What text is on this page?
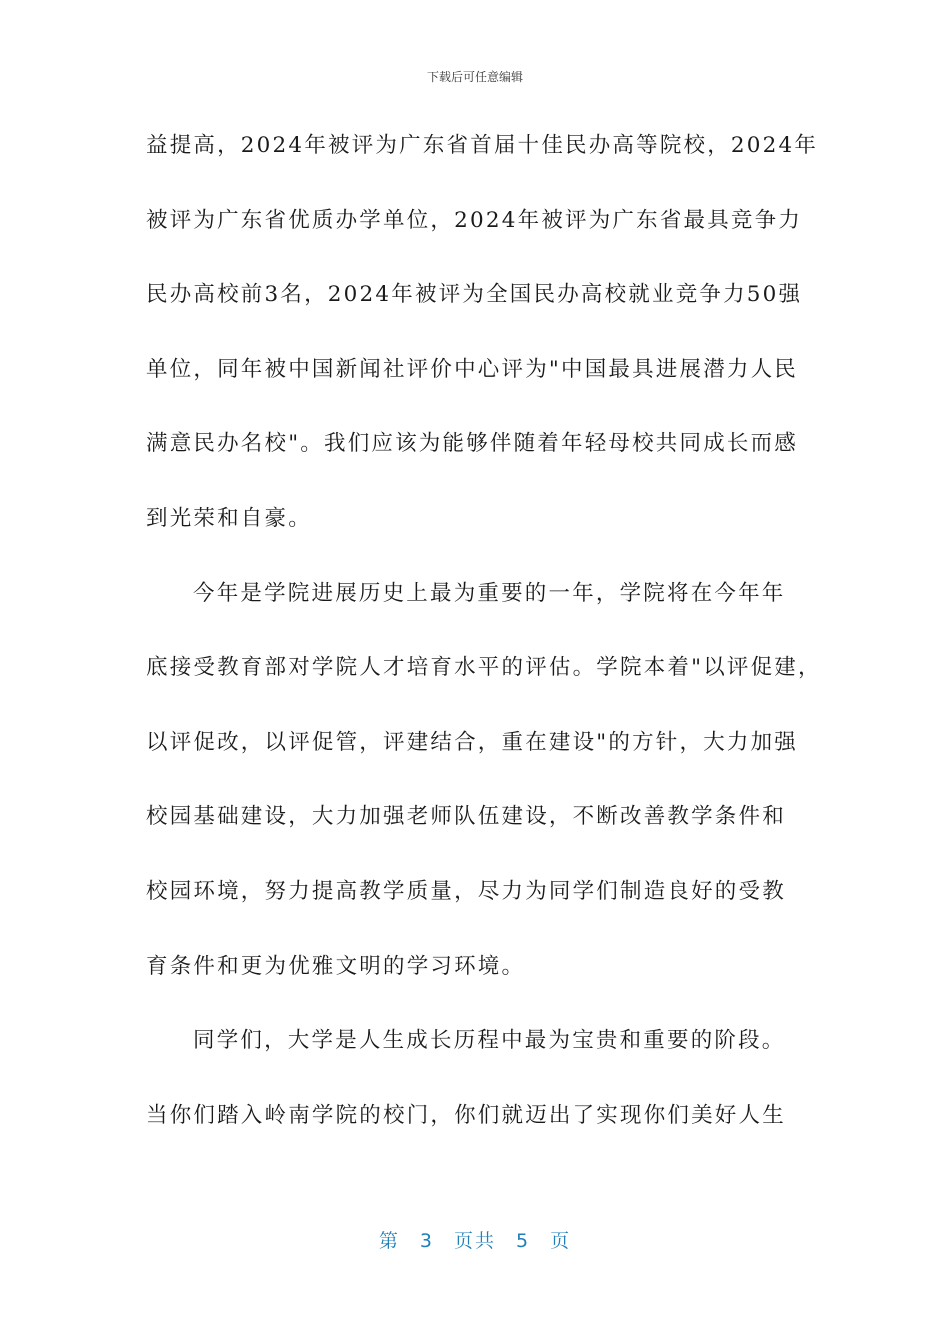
下载后可任意编辑
益提高，2024年被评为广东省首届十佳民办高等院校，2024年
被评为广东省优质办学单位，2024年被评为广东省最具竞争力
民办高校前3名，2024年被评为全国民办高校就业竞争力50强
单位，同年被中国新闻社评价中心评为"中国最具进展潜力人民
满意民办名校"。我们应该为能够伴随着年轻母校共同成长而感
到光荣和自豪。
今年是学院进展历史上最为重要的一年，学院将在今年年
底接受教育部对学院人才培育水平的评估。学院本着"以评促建，
以评促改，以评促管，评建结合，重在建设"的方针，大力加强
校园基础建设，大力加强老师队伍建设，不断改善教学条件和
校园环境，努力提高教学质量，尽力为同学们制造良好的受教
育条件和更为优雅文明的学习环境。
同学们，大学是人生成长历程中最为宝贵和重要的阶段。
当你们踏入岭南学院的校门，你们就迈出了实现你们美好人生
第 3 页共 5 页
